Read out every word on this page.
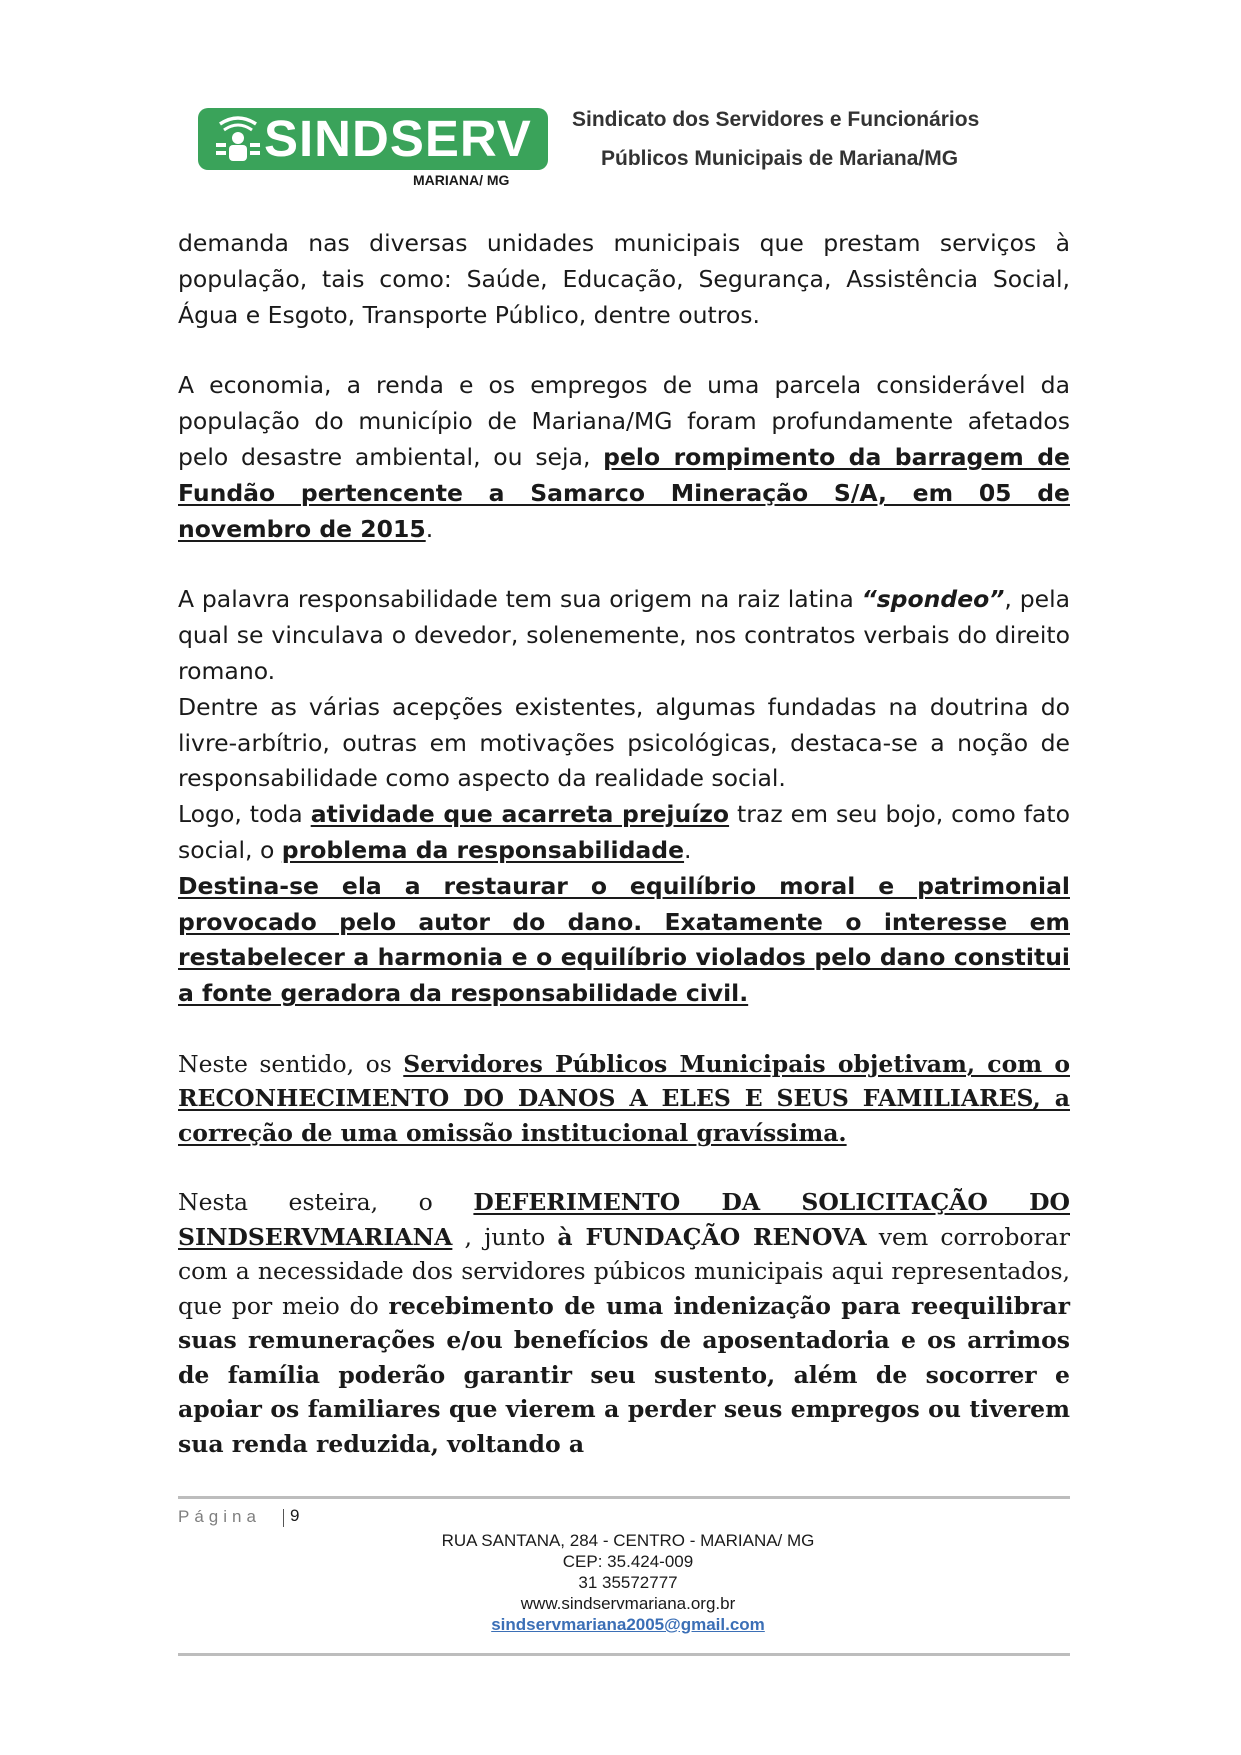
SINDSERV
MARIANA/ MG
Sindicato dos Servidores e Funcionários
Públicos Municipais de Mariana/MG

demanda nas diversas unidades municipais que prestam serviços à população, tais como: Saúde, Educação, Segurança, Assistência Social, Água e Esgoto, Transporte Público, dentre outros.

A economia, a renda e os empregos de uma parcela considerável da população do município de Mariana/MG foram profundamente afetados pelo desastre ambiental, ou seja, pelo rompimento da barragem de Fundão pertencente a Samarco Mineração S/A, em 05 de novembro de 2015.

A palavra responsabilidade tem sua origem na raiz latina “spondeo”, pela qual se vinculava o devedor, solenemente, nos contratos verbais do direito romano.

Dentre as várias acepções existentes, algumas fundadas na doutrina do livre-arbítrio, outras em motivações psicológicas, destaca-se a noção de responsabilidade como aspecto da realidade social.

Logo, toda atividade que acarreta prejuízo traz em seu bojo, como fato social, o problema da responsabilidade.

Destina-se ela a restaurar o equilíbrio moral e patrimonial provocado pelo autor do dano. Exatamente o interesse em restabelecer a harmonia e o equilíbrio violados pelo dano constitui a fonte geradora da responsabilidade civil.

Neste sentido, os Servidores Públicos Municipais objetivam, com o RECONHECIMENTO DO DANOS A ELES E SEUS FAMILIARES, a correção de uma omissão institucional gravíssima.

Nesta esteira, o DEFERIMENTO DA SOLICITAÇÃO DO SINDSERVMARIANA , junto à FUNDAÇÃO RENOVA vem corroborar com a necessidade dos servidores púbicos municipais aqui representados, que por meio do recebimento de uma indenização para reequilibrar suas remunerações e/ou benefícios de aposentadoria e os arrimos de família poderão garantir seu sustento, além de socorrer e apoiar os familiares que vierem a perder seus empregos ou tiverem sua renda reduzida, voltando a

Página 9
RUA SANTANA, 284 - CENTRO - MARIANA/ MG
CEP: 35.424-009
31 35572777
www.sindservmariana.org.br
sindservmariana2005@gmail.com
